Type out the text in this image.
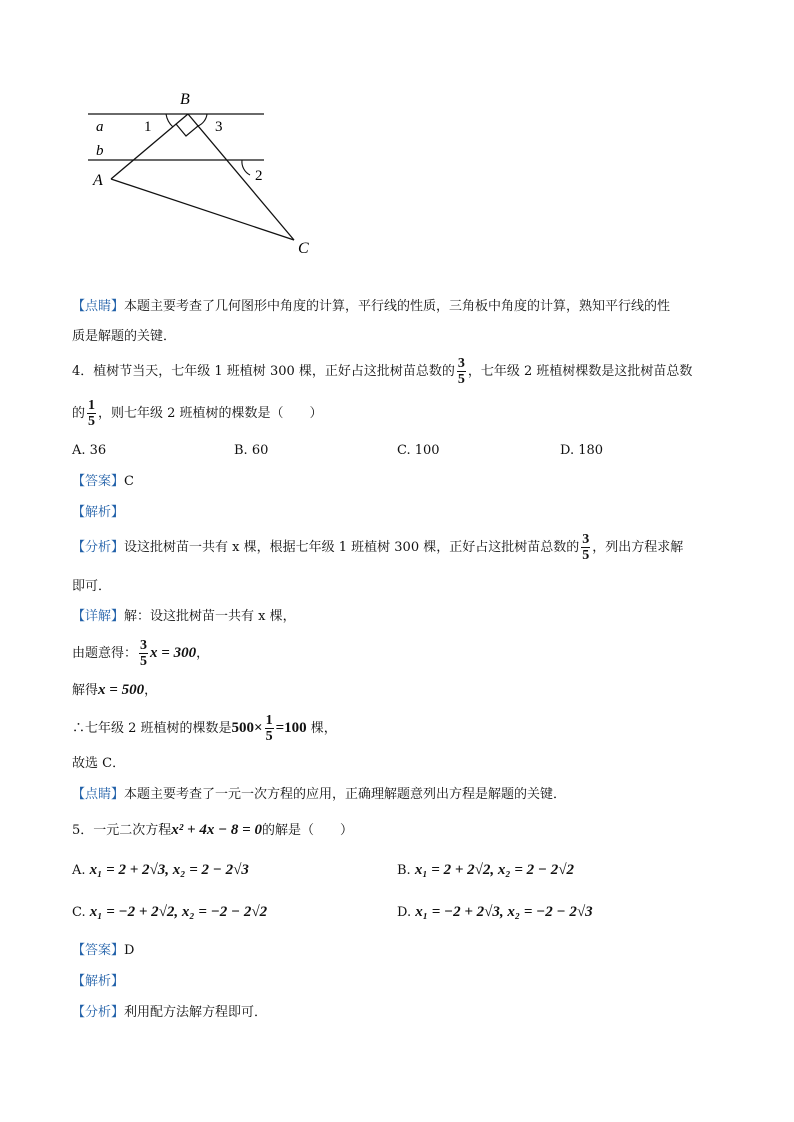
B
a
b
A
C
1	3
2
【点睛】本题主要考查了几何图形中角度的计算，平行线的性质，三角板中角度的计算，熟知平行线的性
质是解题的关键．
4．植树节当天，七年级 1 班植树 300 棵，正好占这批树苗总数的 $\frac{3}{5}$ ，七年级 2 班植树棵数是这批树苗总数
的 $\frac{1}{5}$ ，则七年级 2 班植树的棵数是（　　）
A. 36	B. 60	C. 100	D. 180
【答案】C
【解析】
【分析】设这批树苗一共有 x 棵，根据七年级 1 班植树 300 棵，正好占这批树苗总数的 $\frac{3}{5}$ ，列出方程求解
即可．
【详解】解：设这批树苗一共有 x 棵，
由题意得： $\frac{3}{5}$ x = 300，
解得x = 500，
∴七年级 2 班植树的棵数是$500\times \frac{1}{5} =100$ 棵，
故选 C．
【点睛】本题主要考查了一元一次方程的应用，正确理解题意列出方程是解题的关键．
5．一元二次方程x² + 4x − 8 = 0的解是（　　）
A. x₁ = 2 + 2√3, x₂ = 2 − 2√3	B. x₁ = 2 + 2√2, x₂ = 2 − 2√2
C. x₁ = −2 + 2√2, x₂ = −2 − 2√2	D. x₁ = −2 + 2√3, x₂ = −2 − 2√3
【答案】D
【解析】
【分析】利用配方法解方程即可．
